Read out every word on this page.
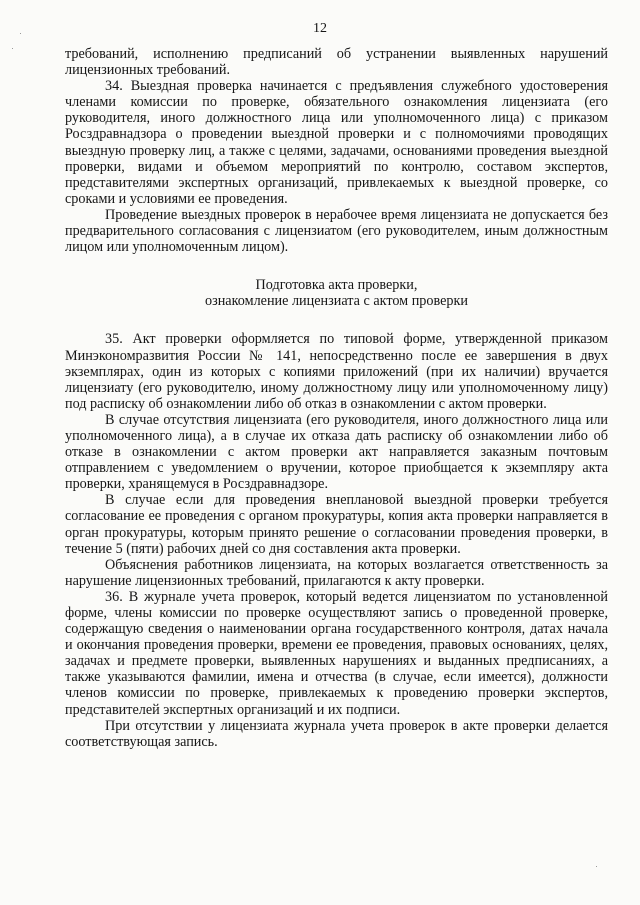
12

требований, исполнению предписаний об устранении выявленных нарушений лицензионных требований.

34. Выездная проверка начинается с предъявления служебного удостоверения членами комиссии по проверке, обязательного ознакомления лицензиата (его руководителя, иного должностного лица или уполномоченного лица) с приказом Росздравнадзора о проведении выездной проверки и с полномочиями проводящих выездную проверку лиц, а также с целями, задачами, основаниями проведения выездной проверки, видами и объемом мероприятий по контролю, составом экспертов, представителями экспертных организаций, привлекаемых к выездной проверке, со сроками и условиями ее проведения.

Проведение выездных проверок в нерабочее время лицензиата не допускается без предварительного согласования с лицензиатом (его руководителем, иным должностным лицом или уполномоченным лицом).

Подготовка акта проверки,
ознакомление лицензиата с актом проверки

35. Акт проверки оформляется по типовой форме, утвержденной приказом Минэкономразвития России № 141, непосредственно после ее завершения в двух экземплярах, один из которых с копиями приложений (при их наличии) вручается лицензиату (его руководителю, иному должностному лицу или уполномоченному лицу) под расписку об ознакомлении либо об отказ в ознакомлении с актом проверки.

В случае отсутствия лицензиата (его руководителя, иного должностного лица или уполномоченного лица), а в случае их отказа дать расписку об ознакомлении либо об отказе в ознакомлении с актом проверки акт направляется заказным почтовым отправлением с уведомлением о вручении, которое приобщается к экземпляру акта проверки, хранящемуся в Росздравнадзоре.

В случае если для проведения внеплановой выездной проверки требуется согласование ее проведения с органом прокуратуры, копия акта проверки направляется в орган прокуратуры, которым принято решение о согласовании проведения проверки, в течение 5 (пяти) рабочих дней со дня составления акта проверки.

Объяснения работников лицензиата, на которых возлагается ответственность за нарушение лицензионных требований, прилагаются к акту проверки.

36. В журнале учета проверок, который ведется лицензиатом по установленной форме, члены комиссии по проверке осуществляют запись о проведенной проверке, содержащую сведения о наименовании органа государственного контроля, датах начала и окончания проведения проверки, времени ее проведения, правовых основаниях, целях, задачах и предмете проверки, выявленных нарушениях и выданных предписаниях, а также указываются фамилии, имена и отчества (в случае, если имеется), должности членов комиссии по проверке, привлекаемых к проведению проверки экспертов, представителей экспертных организаций и их подписи.

При отсутствии у лицензиата журнала учета проверок в акте проверки делается соответствующая запись.
